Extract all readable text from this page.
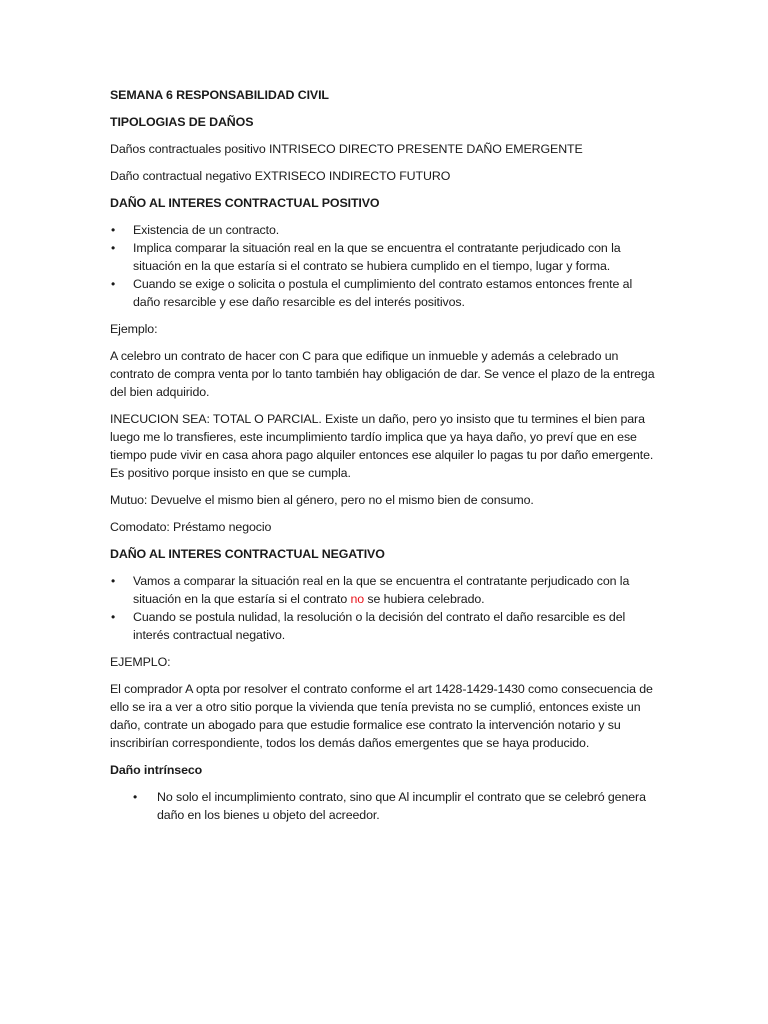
SEMANA 6 RESPONSABILIDAD CIVIL

TIPOLOGIAS DE DAÑOS

Daños contractuales positivo INTRISECO DIRECTO PRESENTE DAÑO EMERGENTE

Daño contractual negativo EXTRISECO INDIRECTO FUTURO

DAÑO AL INTERES CONTRACTUAL POSITIVO

• Existencia de un contracto.
• Implica comparar la situación real en la que se encuentra el contratante perjudicado con la situación en la que estaría si el contrato se hubiera cumplido en el tiempo, lugar y forma.
• Cuando se exige o solicita o postula el cumplimiento del contrato estamos entonces frente al daño resarcible y ese daño resarcible es del interés positivos.

Ejemplo:

A celebro un contrato de hacer con C para que edifique un inmueble y además a celebrado un contrato de compra venta por lo tanto también hay obligación de dar. Se vence el plazo de la entrega del bien adquirido.

INECUCION SEA: TOTAL O PARCIAL. Existe un daño, pero yo insisto que tu termines el bien para luego me lo transfieres, este incumplimiento tardío implica que ya haya daño, yo preví que en ese tiempo pude vivir en casa ahora pago alquiler entonces ese alquiler lo pagas tu por daño emergente. Es positivo porque insisto en que se cumpla.

Mutuo: Devuelve el mismo bien al género, pero no el mismo bien de consumo.

Comodato: Préstamo negocio

DAÑO AL INTERES CONTRACTUAL NEGATIVO

• Vamos a comparar la situación real en la que se encuentra el contratante perjudicado con la situación en la que estaría si el contrato no se hubiera celebrado.
• Cuando se postula nulidad, la resolución o la decisión del contrato el daño resarcible es del interés contractual negativo.

EJEMPLO:

El comprador A opta por resolver el contrato conforme el art 1428-1429-1430 como consecuencia de ello se ira a ver a otro sitio porque la vivienda que tenía prevista no se cumplió, entonces existe un daño, contrate un abogado para que estudie formalice ese contrato la intervención notario y su inscribirían correspondiente, todos los demás daños emergentes que se haya producido.

Daño intrínseco

• No solo el incumplimiento contrato, sino que Al incumplir el contrato que se celebró genera daño en los bienes u objeto del acreedor.
